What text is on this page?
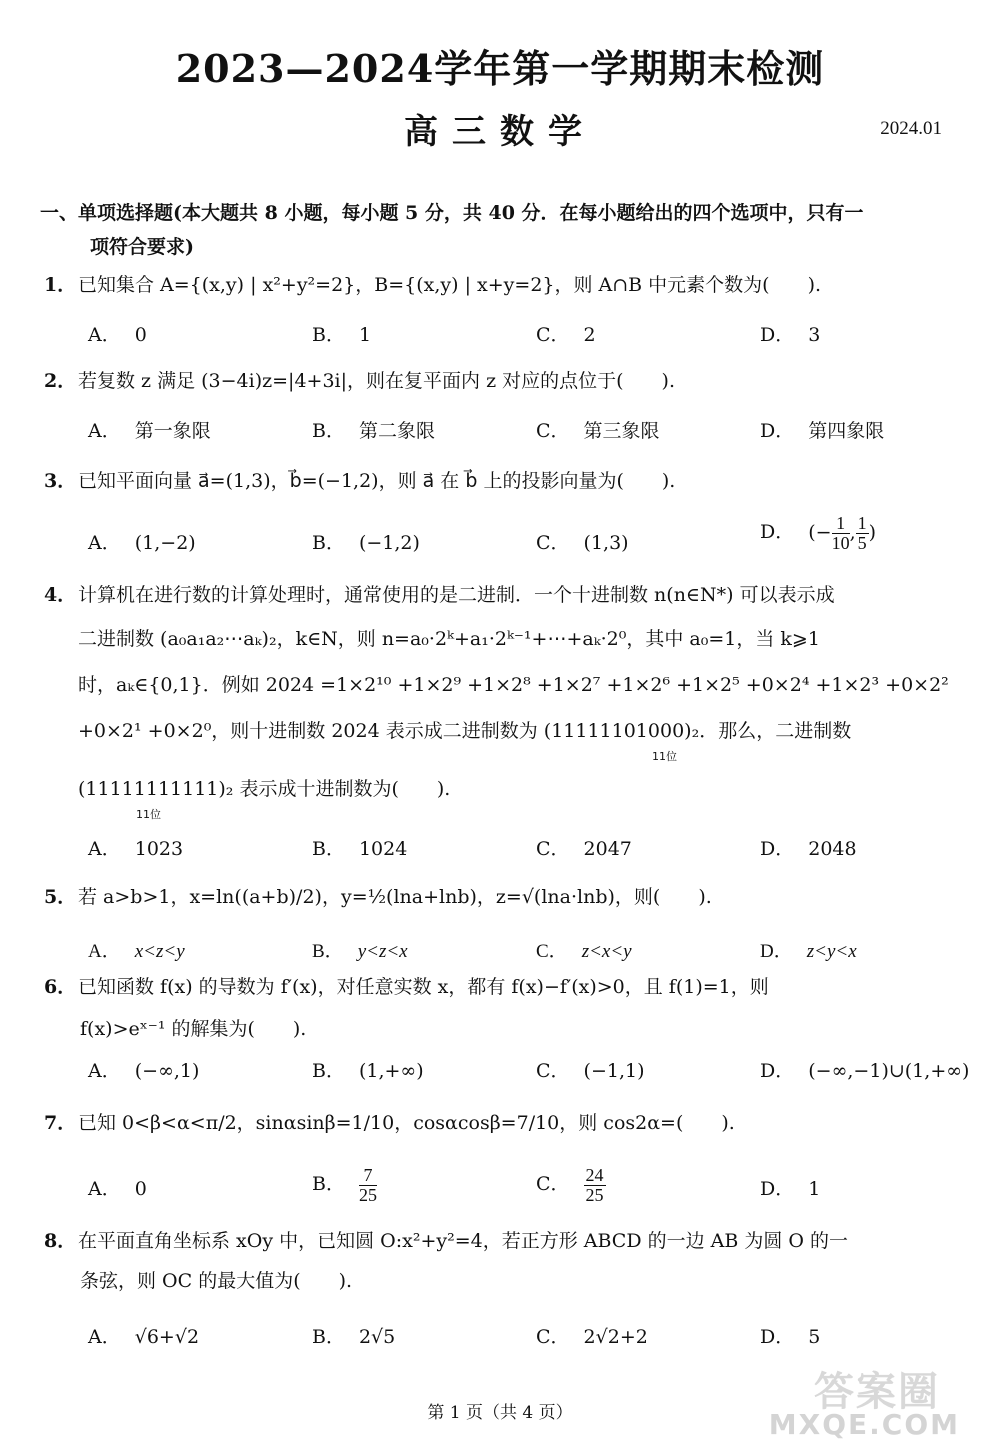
2023—2024学年第一学期期末检测
高三数学	2024.01
一、单项选择题(本大题共 8 小题，每小题 5 分，共 40 分．在每小题给出的四个选项中，只有一
项符合要求)
1．已知集合 A={(x,y) | x²+y²=2}，B={(x,y) | x+y=2}，则 A∩B 中元素个数为(　　).
A． 0	B． 1	C． 2	D． 3
2．若复数 z 满足 (3−4i)z=|4+3i|，则在复平面内 z 对应的点位于(　　).
A． 第一象限	B． 第二象限	C． 第三象限	D． 第四象限
3．已知平面向量 a⃗=(1,3)，b⃗=(−1,2)，则 a⃗ 在 b⃗ 上的投影向量为(　　).
A． (1,−2)	B． (−1,2)	C． (1,3)	D． (− $\frac{1}{10}$ , $\frac{1}{5}$ )
4．计算机在进行数的计算处理时，通常使用的是二进制．一个十进制数 n(n∈N*) 可以表示成
二进制数 (a₀a₁a₂⋯aₖ)₂，k∈N，则 n=a₀·2ᵏ+a₁·2ᵏ⁻¹+⋯+aₖ·2⁰，其中 a₀=1，当 k⩾1
时，aₖ∈{0,1}．例如 2024 =1×2¹⁰ +1×2⁹ +1×2⁸ +1×2⁷ +1×2⁶ +1×2⁵ +0×2⁴ +1×2³ +0×2²
+0×2¹ +0×2⁰，则十进制数 2024 表示成二进制数为 (11111101000)₂．那么，二进制数
11位
(11111111111)₂ 表示成十进制数为(　　).
11位
A． 1023	B． 1024	C． 2047	D． 2048
5．若 a>b>1，x=ln((a+b)/2)，y=½(lna+lnb)，z=√(lna·lnb)，则(　　).
A． x<z<y	B． y<z<x	C． z<x<y	D． z<y<x
6．已知函数 f(x) 的导数为 f′(x)，对任意实数 x，都有 f(x)−f′(x)>0，且 f(1)=1，则
f(x)>eˣ⁻¹ 的解集为(　　).
A． (−∞,1)	B． (1,+∞)	C． (−1,1)	D． (−∞,−1)∪(1,+∞)
7．已知 0<β<α<π/2，sinαsinβ=1/10，cosαcosβ=7/10，则 cos2α=(　　).
A． 0	B． $\frac{7}{25}$	C． $\frac{24}{25}$	D． 1
8．在平面直角坐标系 xOy 中，已知圆 O:x²+y²=4，若正方形 ABCD 的一边 AB 为圆 O 的一
条弦，则 OC 的最大值为(　　).
A． √6+√2	B． 2√5	C． 2√2+2	D． 5
第 1 页（共 4 页）	答案圈
MXQE.COM
